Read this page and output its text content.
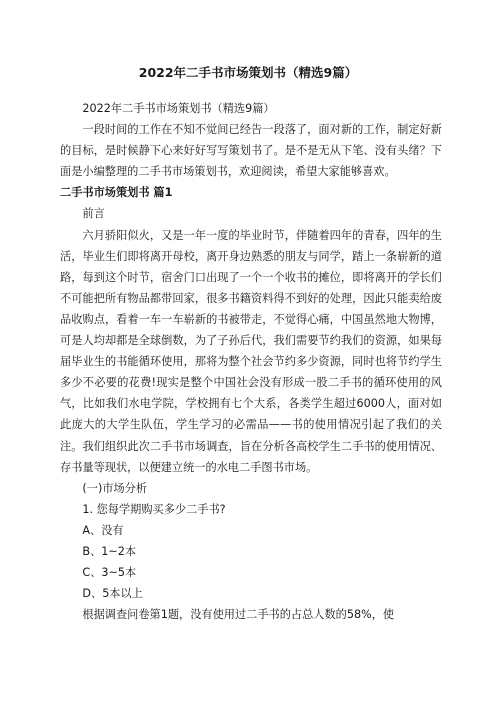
2022年二手书市场策划书（精选9篇）

2022年二手书市场策划书（精选9篇）

一段时间的工作在不知不觉间已经告一段落了，面对新的工作，制定好新的目标，是时候静下心来好好写写策划书了。是不是无从下笔、没有头绪？下面是小编整理的二手书市场策划书，欢迎阅读，希望大家能够喜欢。

二手书市场策划书 篇1

前言

六月骄阳似火，又是一年一度的毕业时节，伴随着四年的青春，四年的生活，毕业生们即将离开母校，离开身边熟悉的朋友与同学，踏上一条崭新的道路，每到这个时节，宿舍门口出现了一个一个收书的摊位，即将离开的学长们不可能把所有物品都带回家，很多书籍资料得不到好的处理，因此只能卖给废品收购点，看着一车一车崭新的书被带走，不觉得心痛，中国虽然地大物博，可是人均却都是全球倒数，为了子孙后代，我们需要节约我们的资源，如果每届毕业生的书能循环使用，那将为整个社会节约多少资源，同时也将节约学生多少不必要的花费!现实是整个中国社会没有形成一股二手书的循环使用的风气，比如我们水电学院，学校拥有七个大系，各类学生超过6000人，面对如此庞大的大学生队伍，学生学习的必需品——书的使用情况引起了我们的关注。我们组织此次二手书市场调查，旨在分析各高校学生二手书的使用情况、存书量等现状，以便建立统一的水电二手图书市场。

(一)市场分析

1. 您每学期购买多少二手书?

A、没有

B、1~2本

C、3~5本

D、5本以上

根据调查问卷第1题，没有使用过二手书的占总人数的58%，使
